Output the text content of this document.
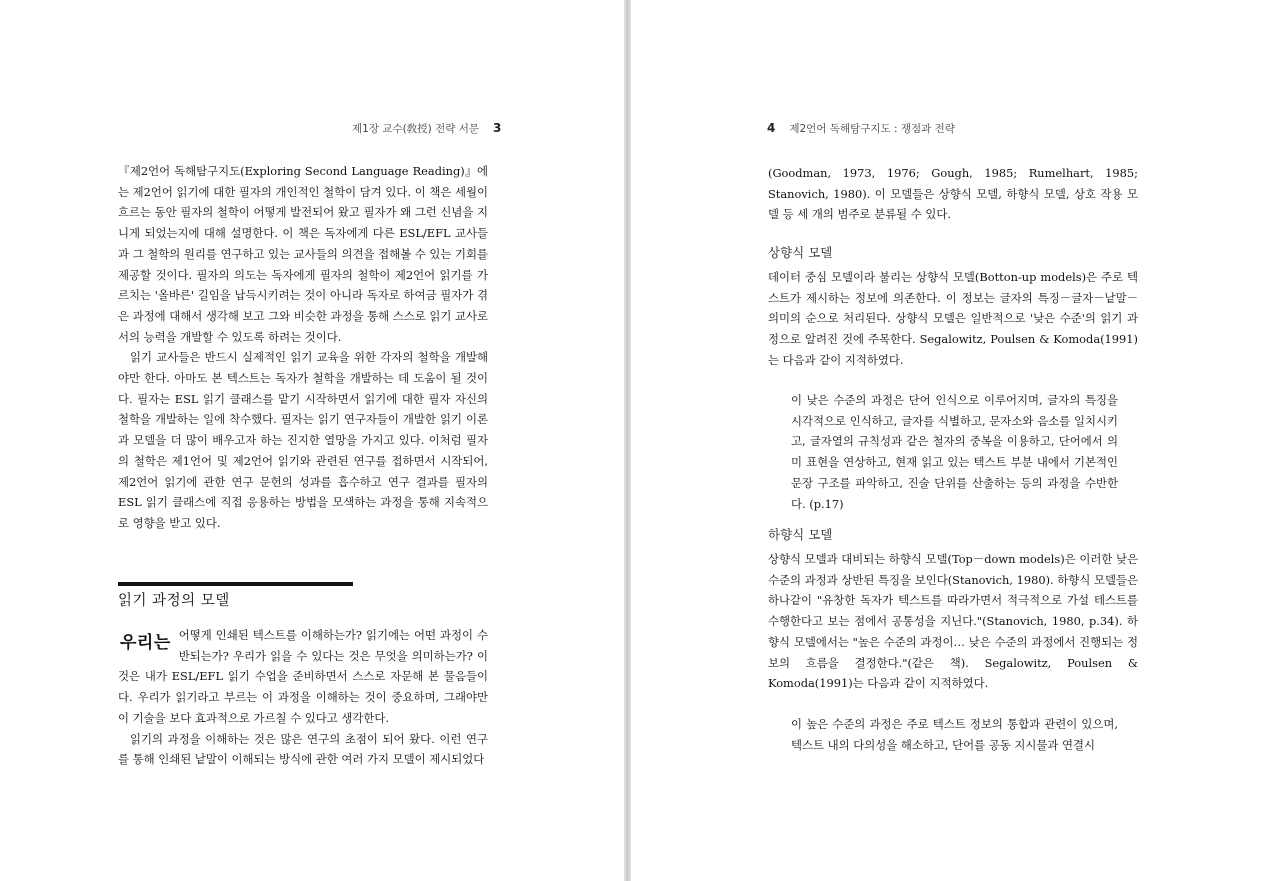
제1장 교수(敎授) 전략 서문 3

『제2언어 독해탐구지도(Exploring Second Language Reading)』에는 제2언어 읽기에 대한 필자의 개인적인 철학이 담겨 있다. 이 책은 세월이 흐르는 동안 필자의 철학이 어떻게 발전되어 왔고 필자가 왜 그런 신념을 지니게 되었는지에 대해 설명한다. 이 책은 독자에게 다른 ESL/EFL 교사들과 그 철학의 원리를 연구하고 있는 교사들의 의견을 접해볼 수 있는 기회를 제공할 것이다. 필자의 의도는 독자에게 필자의 철학이 제2언어 읽기를 가르치는 '올바른' 길임을 납득시키려는 것이 아니라 독자로 하여금 필자가 겪은 과정에 대해서 생각해 보고 그와 비슷한 과정을 통해 스스로 읽기 교사로서의 능력을 개발할 수 있도록 하려는 것이다.

읽기 교사들은 반드시 실제적인 읽기 교육을 위한 각자의 철학을 개발해야만 한다. 아마도 본 텍스트는 독자가 철학을 개발하는 데 도움이 될 것이다. 필자는 ESL 읽기 클래스를 맡기 시작하면서 읽기에 대한 필자 자신의 철학을 개발하는 일에 착수했다. 필자는 읽기 연구자들이 개발한 읽기 이론과 모델을 더 많이 배우고자 하는 진지한 열망을 가지고 있다. 이처럼 필자의 철학은 제1언어 및 제2언어 읽기와 관련된 연구를 접하면서 시작되어, 제2언어 읽기에 관한 연구 문헌의 성과를 흡수하고 연구 결과를 필자의 ESL 읽기 클래스에 직접 응용하는 방법을 모색하는 과정을 통해 지속적으로 영향을 받고 있다.

읽기 과정의 모델

우리는 어떻게 인쇄된 텍스트를 이해하는가? 읽기에는 어떤 과정이 수반되는가? 우리가 읽을 수 있다는 것은 무엇을 의미하는가? 이것은 내가 ESL/EFL 읽기 수업을 준비하면서 스스로 자문해 본 물음들이다. 우리가 읽기라고 부르는 이 과정을 이해하는 것이 중요하며, 그래야만 이 기술을 보다 효과적으로 가르칠 수 있다고 생각한다.

읽기의 과정을 이해하는 것은 많은 연구의 초점이 되어 왔다. 이런 연구를 통해 인쇄된 낱말이 이해되는 방식에 관한 여러 가지 모델이 제시되었다

4 제2언어 독해탐구지도 : 쟁점과 전략

(Goodman, 1973, 1976; Gough, 1985; Rumelhart, 1985; Stanovich, 1980). 이 모델들은 상향식 모델, 하향식 모델, 상호 작용 모델 등 세 개의 범주로 분류될 수 있다.

상향식 모델

데이터 중심 모델이라 불리는 상향식 모델(Botton-up models)은 주로 텍스트가 제시하는 정보에 의존한다. 이 정보는 글자의 특징－글자－낱말－의미의 순으로 처리된다. 상향식 모델은 일반적으로 '낮은 수준'의 읽기 과정으로 알려진 것에 주목한다. Segalowitz, Poulsen & Komoda(1991)는 다음과 같이 지적하였다.

이 낮은 수준의 과정은 단어 인식으로 이루어지며, 글자의 특징을 시각적으로 인식하고, 글자를 식별하고, 문자소와 음소를 일치시키고, 글자열의 규칙성과 같은 철자의 중복을 이용하고, 단어에서 의미 표현을 연상하고, 현재 읽고 있는 텍스트 부분 내에서 기본적인 문장 구조를 파악하고, 진술 단위를 산출하는 등의 과정을 수반한다. (p.17)

하향식 모델

상향식 모델과 대비되는 하향식 모델(Top－down models)은 이러한 낮은 수준의 과정과 상반된 특징을 보인다(Stanovich, 1980). 하향식 모델들은 하나같이 "유창한 독자가 텍스트를 따라가면서 적극적으로 가설 테스트를 수행한다고 보는 점에서 공통성을 지닌다."(Stanovich, 1980, p.34). 하향식 모델에서는 "높은 수준의 과정이… 낮은 수준의 과정에서 진행되는 정보의 흐름을 결정한다."(같은 책). Segalowitz, Poulsen & Komoda(1991)는 다음과 같이 지적하였다.

이 높은 수준의 과정은 주로 텍스트 정보의 통합과 관련이 있으며, 텍스트 내의 다의성을 해소하고, 단어를 공동 지시물과 연결시
